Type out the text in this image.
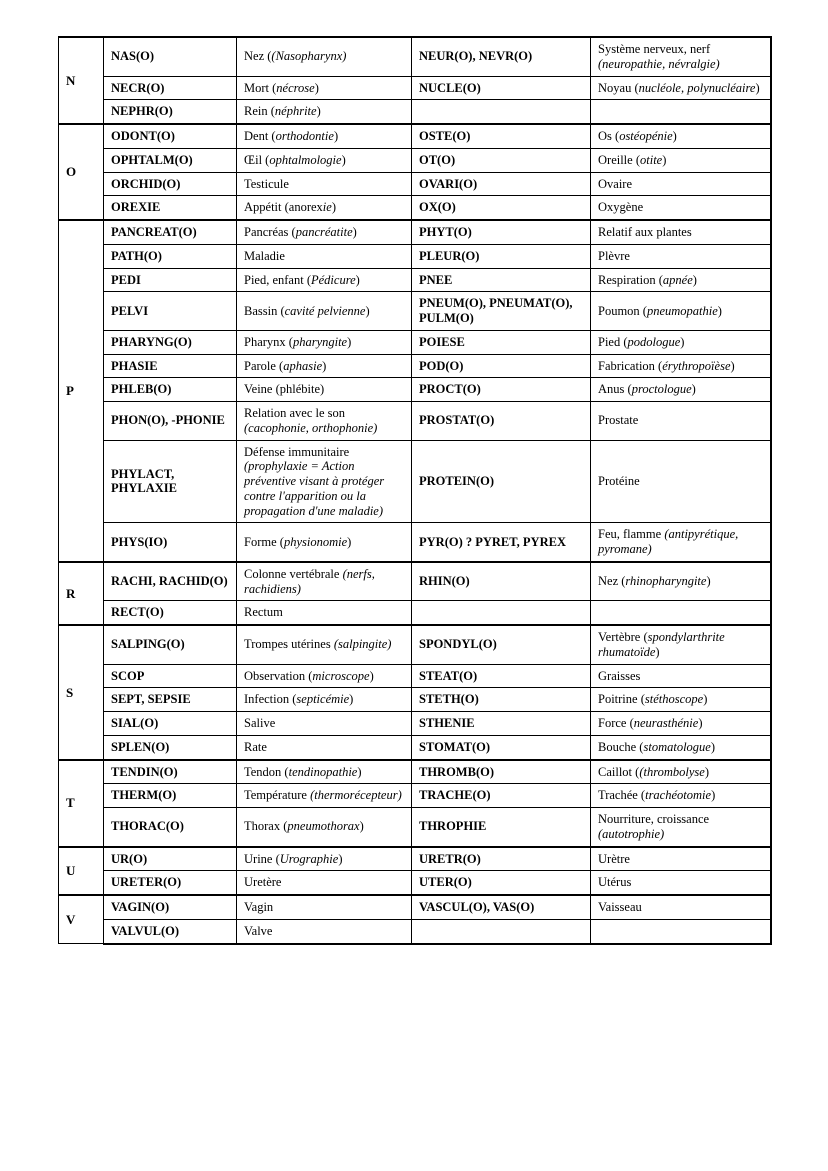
N	NAS(O)	Nez ((Nasopharynx)	NEUR(O), NEVR(O)	Système nerveux, nerf (neuropathie, névralgie)
	NECR(O)	Mort (nécrose)	NUCLE(O)	Noyau (nucléole, polynucléaire)
	NEPHR(O)	Rein (néphrite)		
O	ODONT(O)	Dent (orthodontie)	OSTE(O)	Os (ostéopénie)
	OPHTALM(O)	Œil (ophtalmologie)	OT(O)	Oreille (otite)
	ORCHID(O)	Testicule	OVARI(O)	Ovaire
	OREXIE	Appétit (anorexie)	OX(O)	Oxygène
P	PANCREAT(O)	Pancréas (pancréatite)	PHYT(O)	Relatif aux plantes
	PATH(O)	Maladie	PLEUR(O)	Plèvre
	PEDI	Pied, enfant (Pédicure)	PNEE	Respiration (apnée)
	PELVI	Bassin (cavité pelvienne)	PNEUM(O), PNEUMAT(O), PULM(O)	Poumon (pneumopathie)
	PHARYNG(O)	Pharynx (pharyngite)	POIESE	Pied (podologue)
	PHASIE	Parole (aphasie)	POD(O)	Fabrication (érythropoïèse)
	PHLEB(O)	Veine (phlébite)	PROCT(O)	Anus (proctologue)
	PHON(O), -PHONIE	Relation avec le son (cacophonie, orthophonie)	PROSTAT(O)	Prostate
	PHYLACT, PHYLAXIE	Défense immunitaire (prophylaxie = Action préventive visant à protéger contre l'apparition ou la propagation d'une maladie)	PROTEIN(O)	Protéine
	PHYS(IO)	Forme (physionomie)	PYR(O) ? PYRET, PYREX	Feu, flamme (antipyrétique, pyromane)
R	RACHI, RACHID(O)	Colonne vertébrale (nerfs, rachidiens)	RHIN(O)	Nez (rhinopharyngite)
	RECT(O)	Rectum		
S	SALPING(O)	Trompes utérines (salpingite)	SPONDYL(O)	Vertèbre (spondylarthrite rhumatoïde)
	SCOP	Observation (microscope)	STEAT(O)	Graisses
	SEPT, SEPSIE	Infection (septicémie)	STETH(O)	Poitrine (stéthoscope)
	SIAL(O)	Salive	STHENIE	Force (neurasthénie)
	SPLEN(O)	Rate	STOMAT(O)	Bouche (stomatologue)
T	TENDIN(O)	Tendon (tendinopathie)	THROMB(O)	Caillot ((thrombolyse)
	THERM(O)	Température (thermorécepteur)	TRACHE(O)	Trachée (trachéotomie)
	THORAC(O)	Thorax (pneumothorax)	THROPHIE	Nourriture, croissance (autotrophie)
U	UR(O)	Urine (Urographie)	URETR(O)	Urètre
	URETER(O)	Uretère	UTER(O)	Utérus
V	VAGIN(O)	Vagin	VASCUL(O), VAS(O)	Vaisseau
	VALVUL(O)	Valve		
